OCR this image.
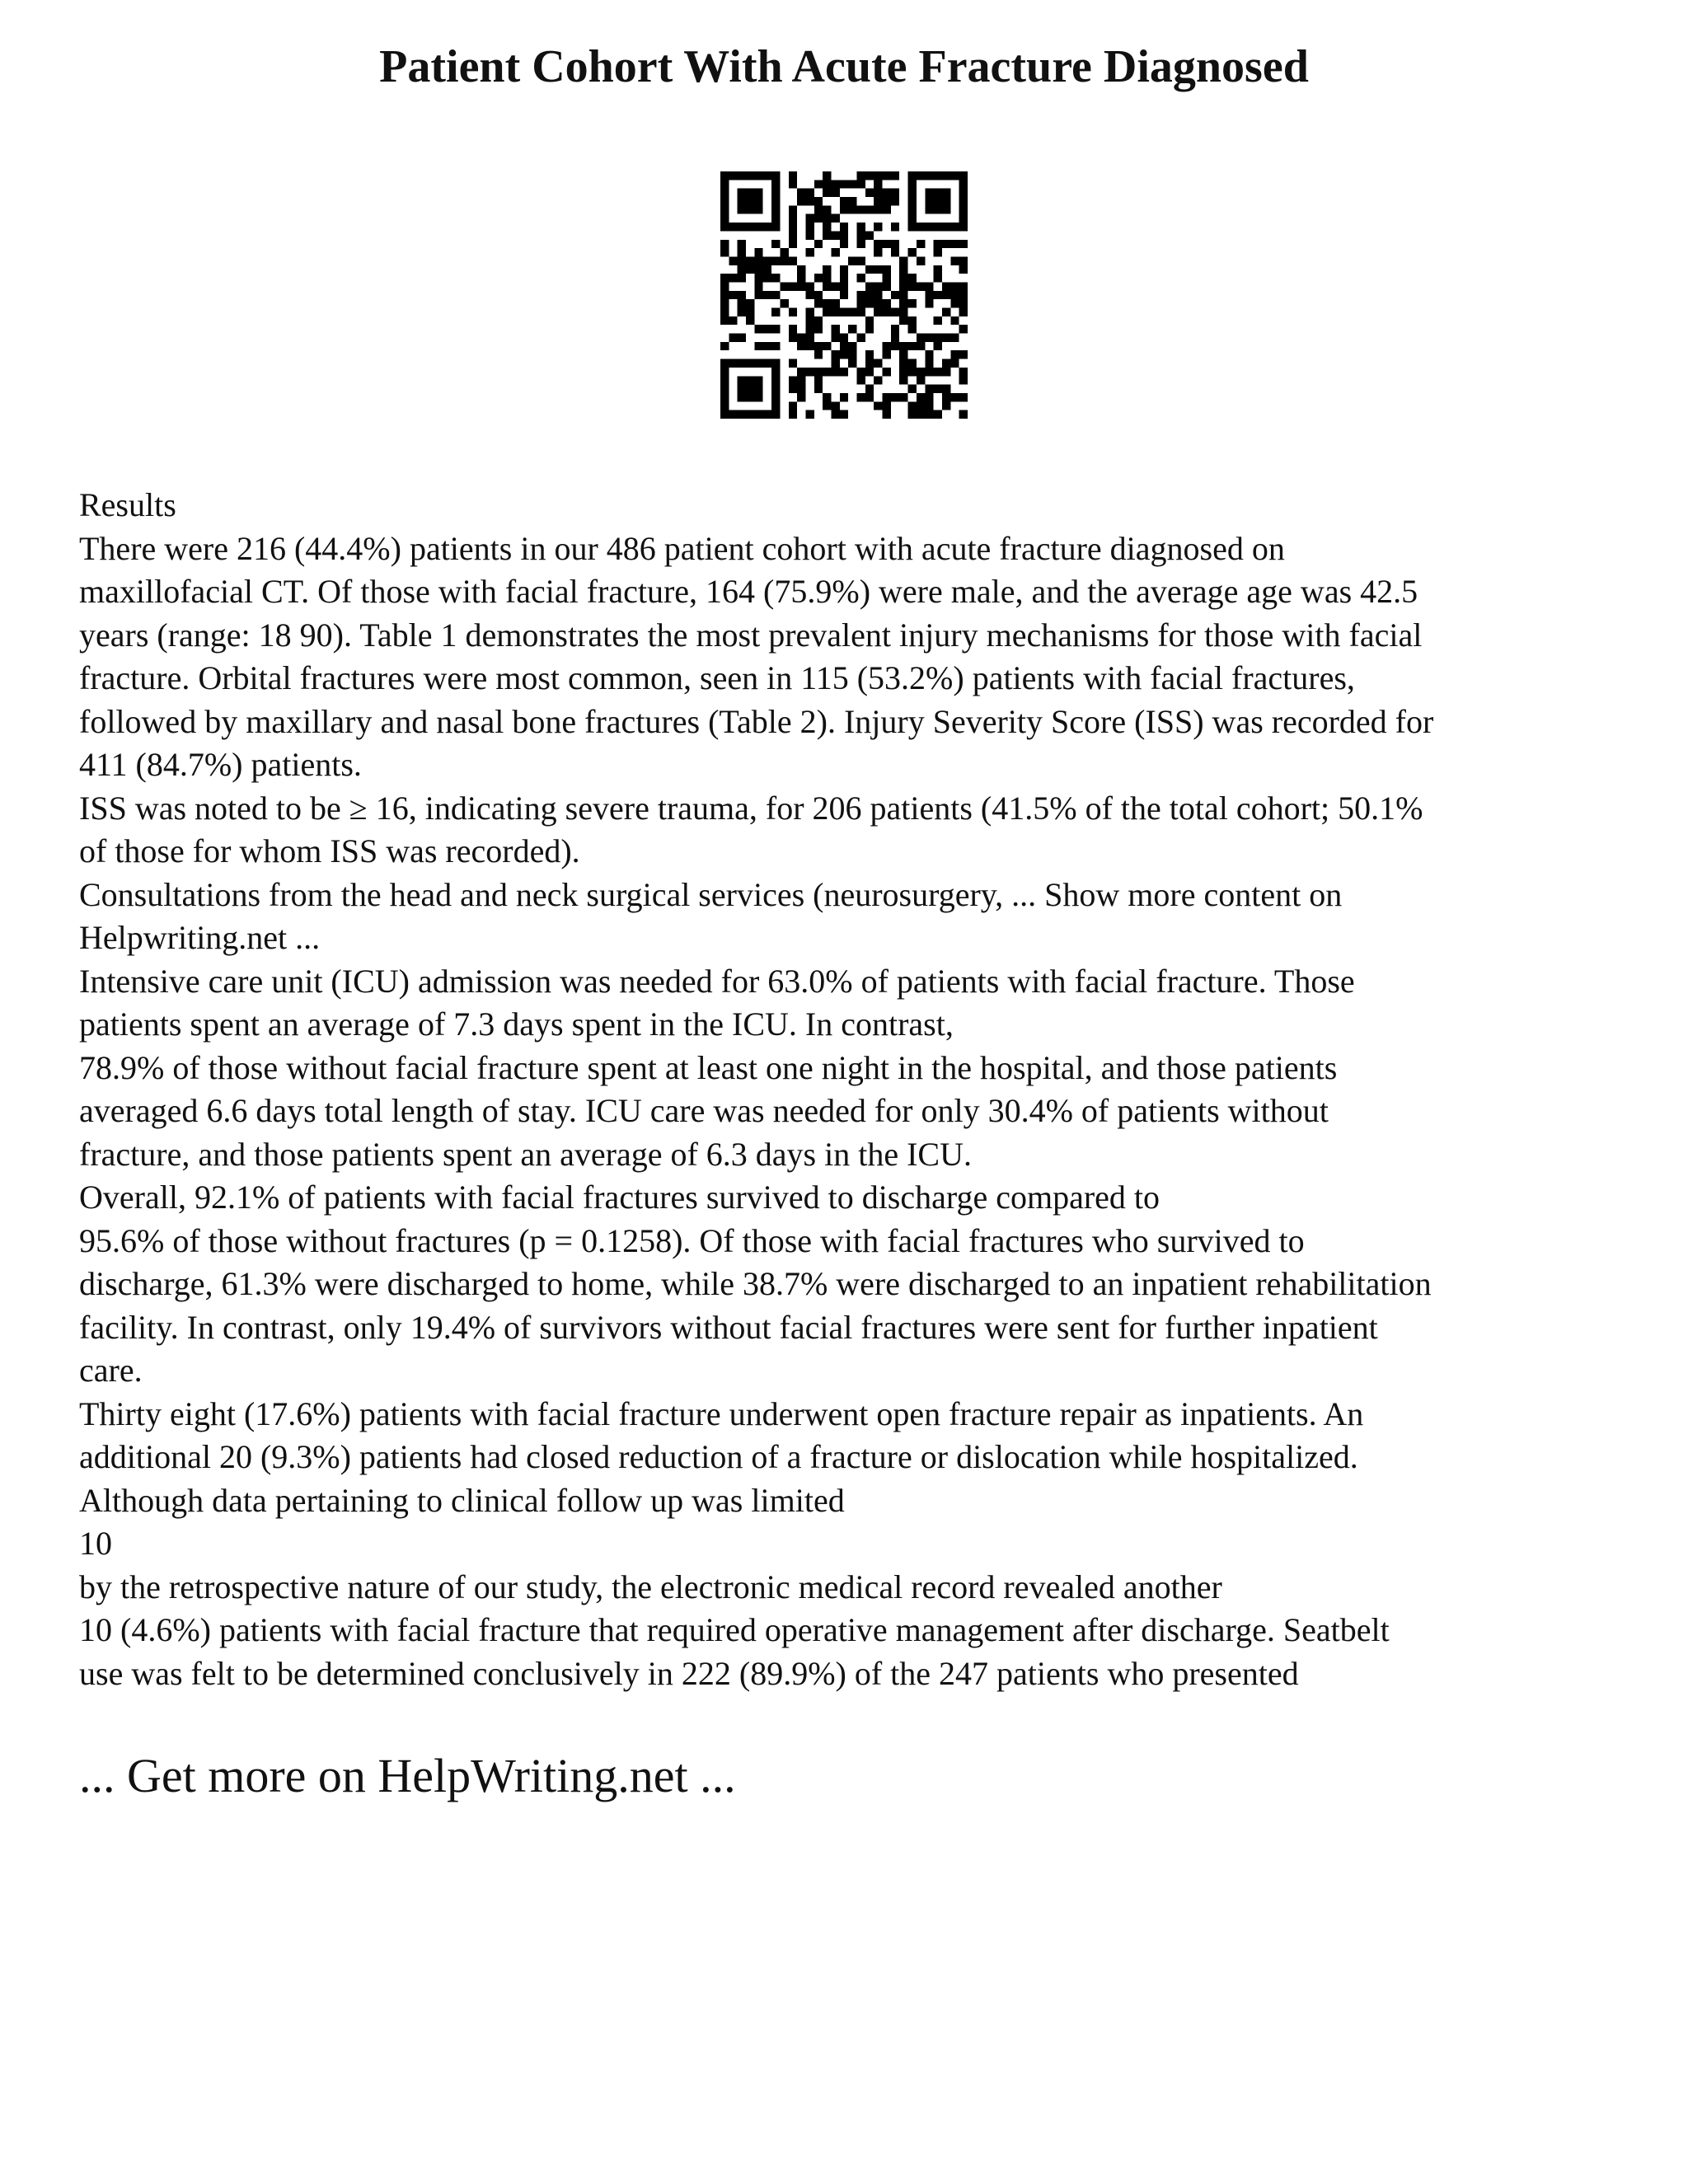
Patient Cohort With Acute Fracture Diagnosed
Results
There were 216 (44.4%) patients in our 486 patient cohort with acute fracture diagnosed on
maxillofacial CT. Of those with facial fracture, 164 (75.9%) were male, and the average age was 42.5
years (range: 18 90). Table 1 demonstrates the most prevalent injury mechanisms for those with facial
fracture. Orbital fractures were most common, seen in 115 (53.2%) patients with facial fractures,
followed by maxillary and nasal bone fractures (Table 2). Injury Severity Score (ISS) was recorded for
411 (84.7%) patients.
ISS was noted to be ≥ 16, indicating severe trauma, for 206 patients (41.5% of the total cohort; 50.1%
of those for whom ISS was recorded).
Consultations from the head and neck surgical services (neurosurgery, ... Show more content on
Helpwriting.net ...
Intensive care unit (ICU) admission was needed for 63.0% of patients with facial fracture. Those
patients spent an average of 7.3 days spent in the ICU. In contrast,
78.9% of those without facial fracture spent at least one night in the hospital, and those patients
averaged 6.6 days total length of stay. ICU care was needed for only 30.4% of patients without
fracture, and those patients spent an average of 6.3 days in the ICU.
Overall, 92.1% of patients with facial fractures survived to discharge compared to
95.6% of those without fractures (p = 0.1258). Of those with facial fractures who survived to
discharge, 61.3% were discharged to home, while 38.7% were discharged to an inpatient rehabilitation
facility. In contrast, only 19.4% of survivors without facial fractures were sent for further inpatient
care.
Thirty eight (17.6%) patients with facial fracture underwent open fracture repair as inpatients. An
additional 20 (9.3%) patients had closed reduction of a fracture or dislocation while hospitalized.
Although data pertaining to clinical follow up was limited
10
by the retrospective nature of our study, the electronic medical record revealed another
10 (4.6%) patients with facial fracture that required operative management after discharge. Seatbelt
use was felt to be determined conclusively in 222 (89.9%) of the 247 patients who presented
... Get more on HelpWriting.net ...
